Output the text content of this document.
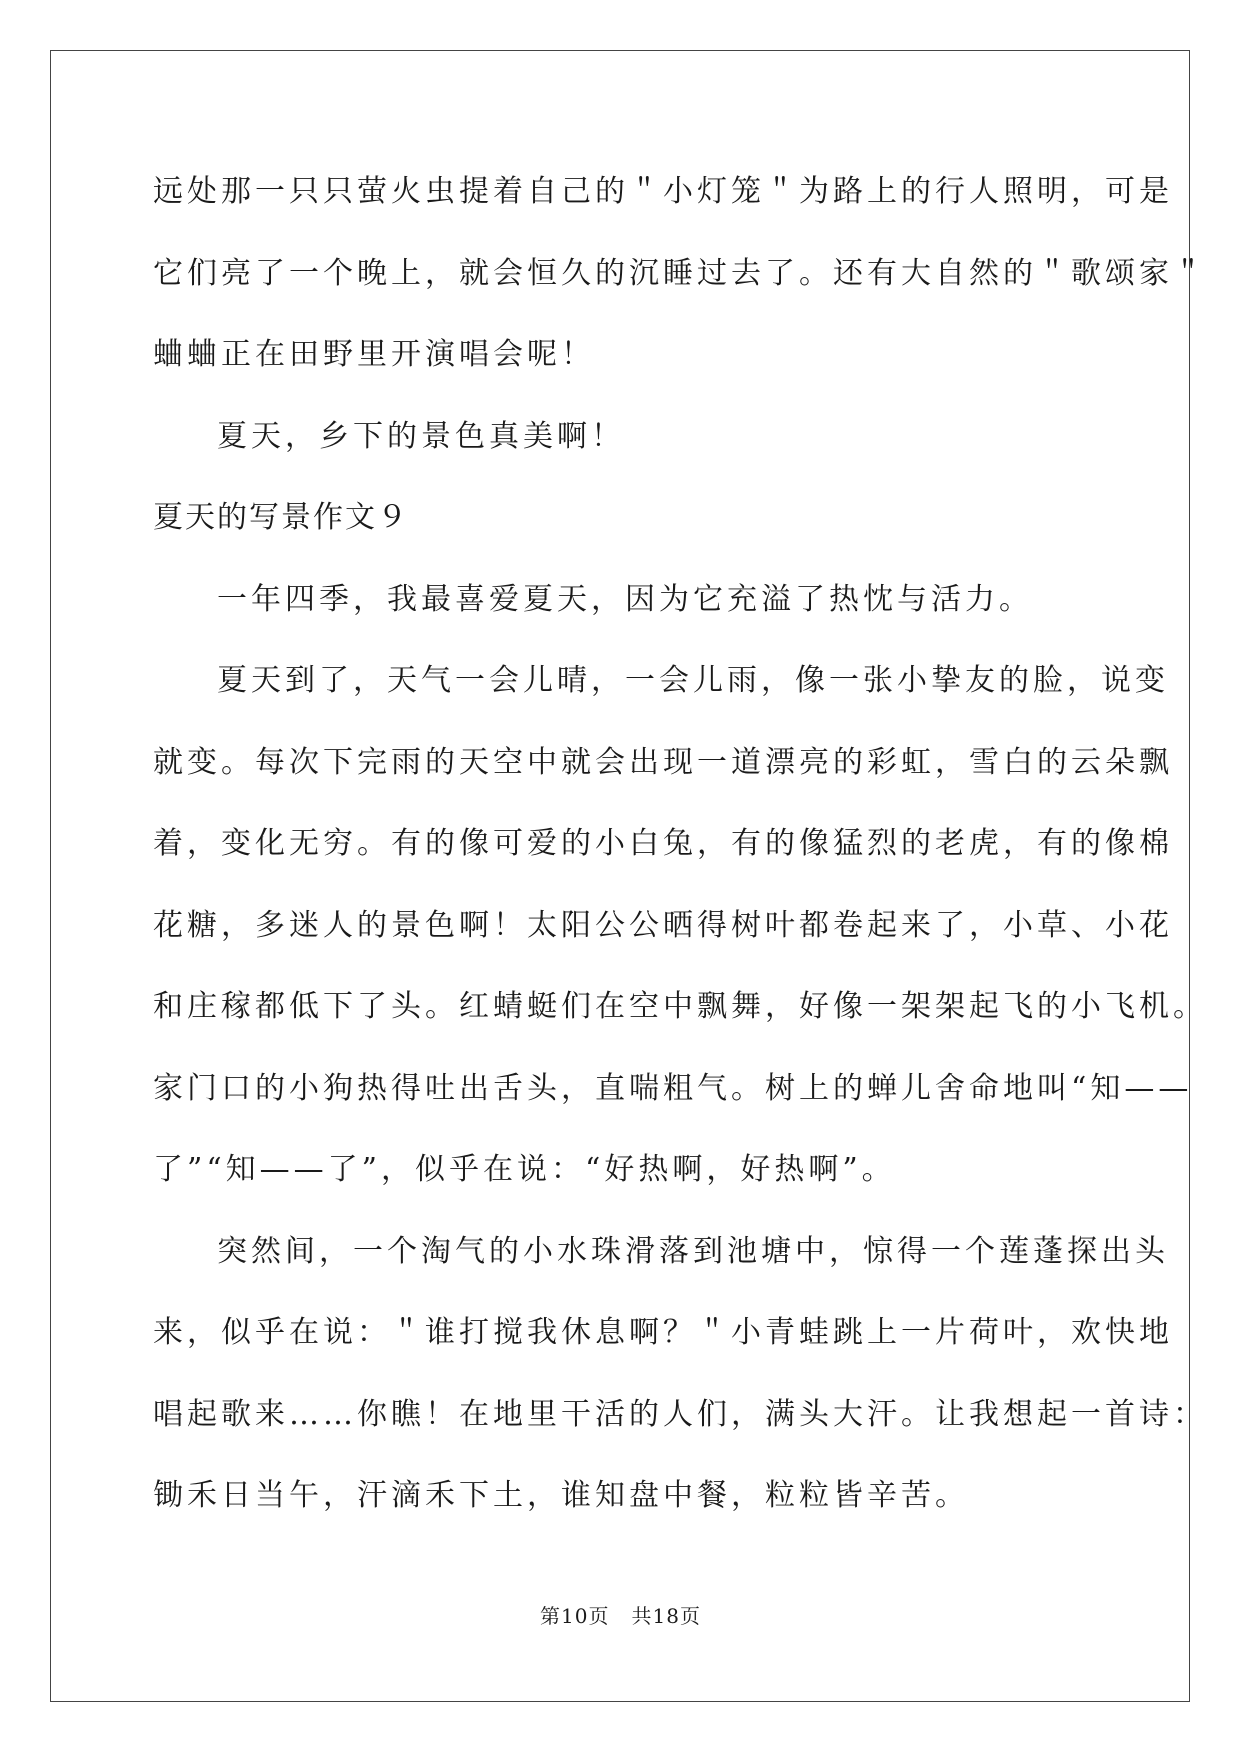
远处那一只只萤火虫提着自己的＂小灯笼＂为路上的行人照明，可是
它们亮了一个晚上，就会恒久的沉睡过去了。还有大自然的＂歌颂家＂
蛐蛐正在田野里开演唱会呢！
夏天，乡下的景色真美啊！
夏天的写景作文９
一年四季，我最喜爱夏天，因为它充溢了热忱与活力。
夏天到了，天气一会儿晴，一会儿雨，像一张小挚友的脸，说变
就变。每次下完雨的天空中就会出现一道漂亮的彩虹，雪白的云朵飘
着，变化无穷。有的像可爱的小白兔，有的像猛烈的老虎，有的像棉
花糖，多迷人的景色啊！太阳公公晒得树叶都卷起来了，小草、小花
和庄稼都低下了头。红蜻蜓们在空中飘舞，好像一架架起飞的小飞机。
家门口的小狗热得吐出舌头，直喘粗气。树上的蝉儿舍命地叫“知——
了”“知——了”，似乎在说：“好热啊，好热啊”。
突然间，一个淘气的小水珠滑落到池塘中，惊得一个莲蓬探出头
来，似乎在说：＂谁打搅我休息啊？＂小青蛙跳上一片荷叶，欢快地
唱起歌来……你瞧！在地里干活的人们，满头大汗。让我想起一首诗：
锄禾日当午，汗滴禾下土，谁知盘中餐，粒粒皆辛苦。
第10页 共18页
